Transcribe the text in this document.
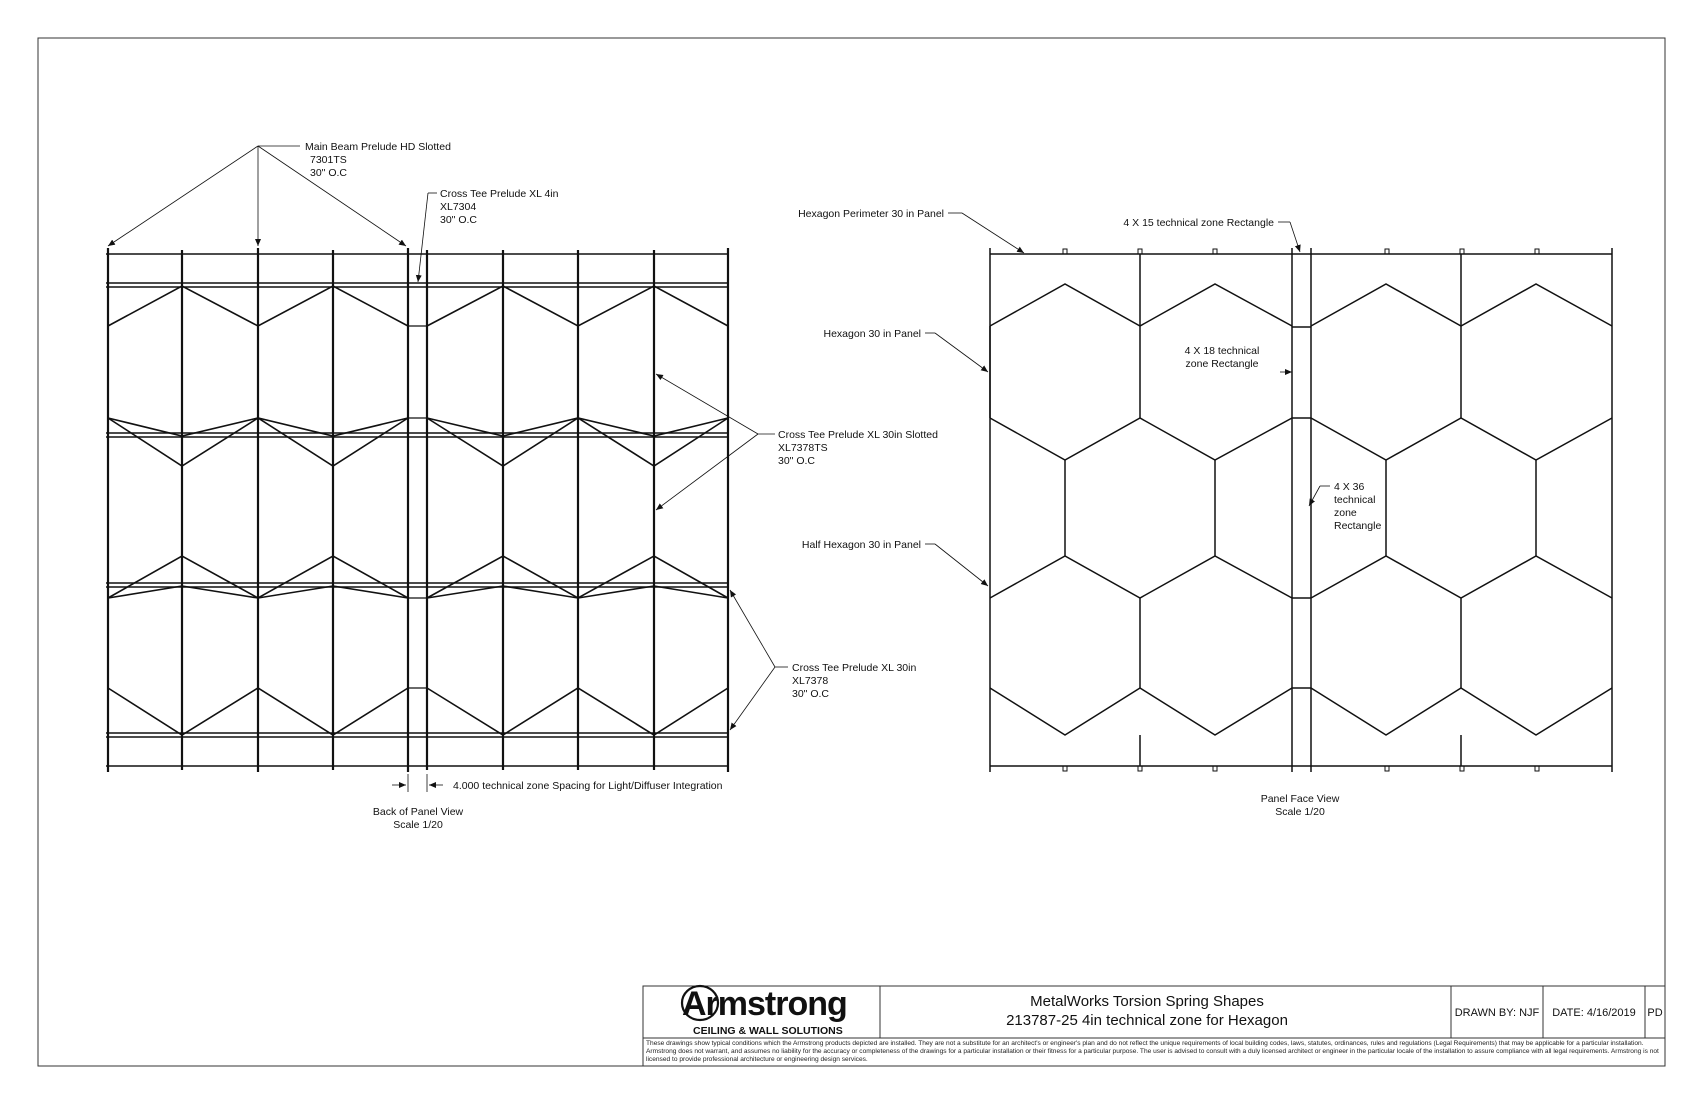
Main Beam Prelude HD Slotted
7301TS
30" O.C
Cross Tee Prelude XL 4in
XL7304
30" O.C
Cross Tee Prelude XL 30in Slotted
XL7378TS
30" O.C
Cross Tee Prelude XL 30in
XL7378
30" O.C
4.000 technical zone Spacing for Light/Diffuser Integration
Back of Panel View
Scale 1/20
Hexagon Perimeter 30 in Panel
4 X 15 technical zone Rectangle
Hexagon 30 in Panel
4 X 18 technical
zone Rectangle
4 X 36
technical
zone
Rectangle
Half Hexagon 30 in Panel
Panel Face View
Scale 1/20
Armstrong
CEILING & WALL SOLUTIONS
MetalWorks Torsion Spring Shapes
213787-25 4in technical zone for Hexagon	DRAWN BY: NJF DATE: 4/16/2019 PD
These drawings show typical conditions which the Armstrong products depicted are installed. They are not a substitute for an architect's or engineer's plan and do not reflect the unique requirements of local building codes, laws, statutes, ordinances, rules and regulations (Legal Requirements) that may be applicable for a particular installation. Armstrong does not warrant, and assumes no liability for the accuracy or completeness of the drawings for a particular installation or their fitness for a particular purpose. The user is advised to consult with a duly licensed architect or engineer in the particular locale of the installation to assure compliance with all legal requirements. Armstrong is not licensed to provide professional architecture or engineering design services.
